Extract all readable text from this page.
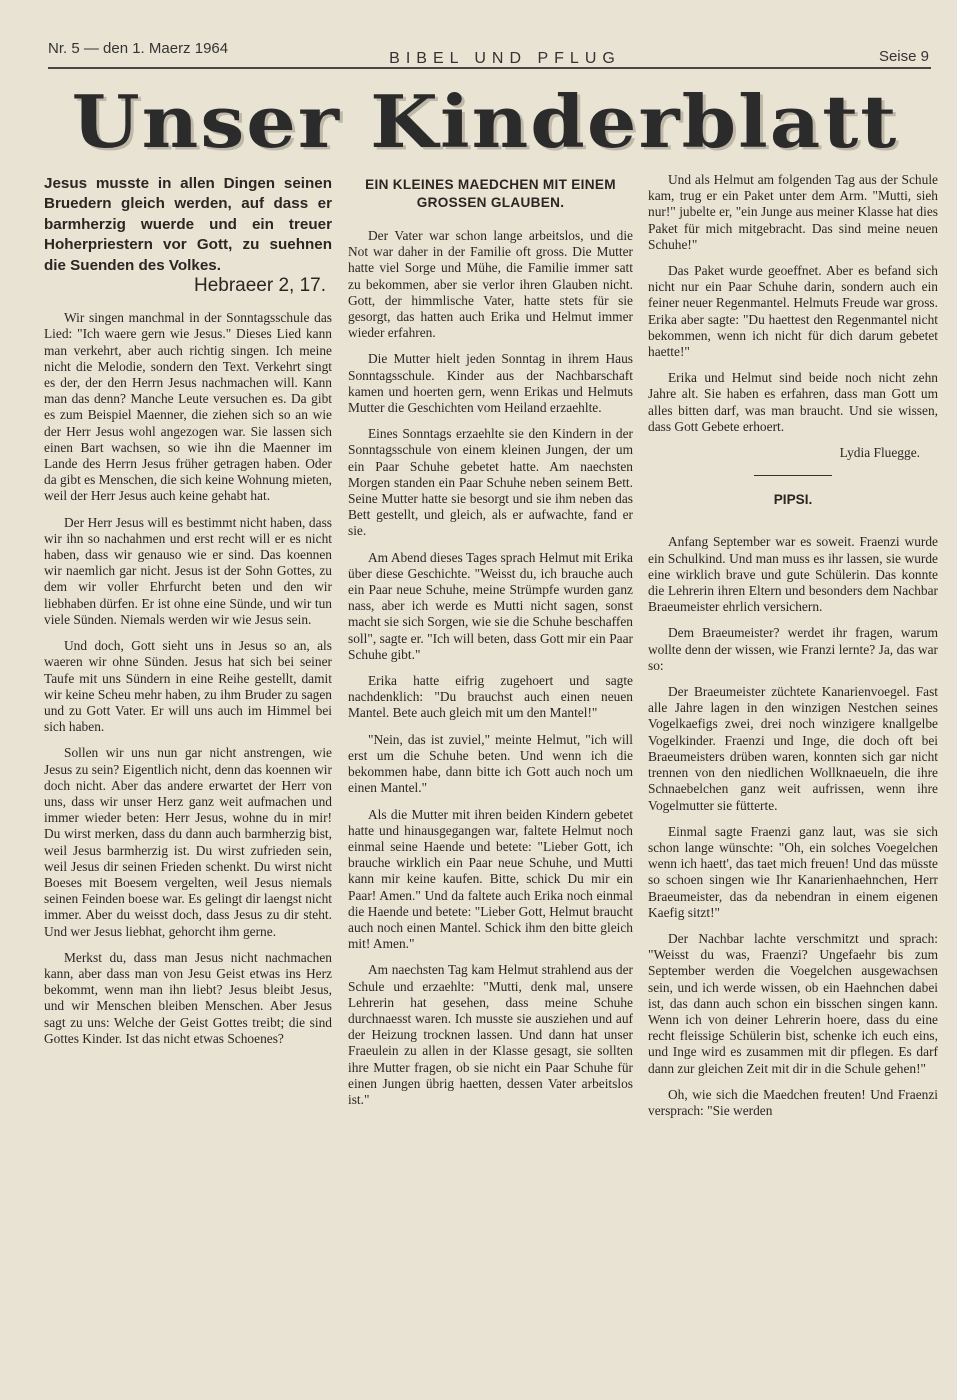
Nr. 5 — den 1. Maerz 1964
BIBEL UND PFLUG	Seise 9
Unser Kinderblatt
Jesus musste in allen Dingen seinen Bruedern gleich werden, auf dass er barmherzig wuerde und ein treuer Hoherpriestern vor Gott, zu suehnen die Suenden des Volkes.
Hebraeer 2, 17.

Wir singen manchmal in der Sonntagsschule das Lied: "Ich waere gern wie Jesus." Dieses Lied kann man verkehrt, aber auch richtig singen. Ich meine nicht die Melodie, sondern den Text. Verkehrt singt es der, der den Herrn Jesus nachmachen will. Kann man das denn? Manche Leute versuchen es. Da gibt es zum Beispiel Maenner, die ziehen sich so an wie der Herr Jesus wohl angezogen war. Sie lassen sich einen Bart wachsen, so wie ihn die Maenner im Lande des Herrn Jesus früher getragen haben. Oder da gibt es Menschen, die sich keine Wohnung mieten, weil der Herr Jesus auch keine gehabt hat.

Der Herr Jesus will es bestimmt nicht haben, dass wir ihn so nachahmen und erst recht will er es nicht haben, dass wir genauso wie er sind. Das koennen wir naemlich gar nicht. Jesus ist der Sohn Gottes, zu dem wir voller Ehrfurcht beten und den wir liebhaben dürfen. Er ist ohne eine Sünde, und wir tun viele Sünden. Niemals werden wir wie Jesus sein.

Und doch, Gott sieht uns in Jesus so an, als waeren wir ohne Sünden. Jesus hat sich bei seiner Taufe mit uns Sündern in eine Reihe gestellt, damit wir keine Scheu mehr haben, zu ihm Bruder zu sagen und zu Gott Vater. Er will uns auch im Himmel bei sich haben.

Sollen wir uns nun gar nicht anstrengen, wie Jesus zu sein? Eigentlich nicht, denn das koennen wir doch nicht. Aber das andere erwartet der Herr von uns, dass wir unser Herz ganz weit aufmachen und immer wieder beten: Herr Jesus, wohne du in mir! Du wirst merken, dass du dann auch barmherzig bist, weil Jesus barmherzig ist. Du wirst zufrieden sein, weil Jesus dir seinen Frieden schenkt. Du wirst nicht Boeses mit Boesem vergelten, weil Jesus niemals seinen Feinden boese war. Es gelingt dir laengst nicht immer. Aber du weisst doch, dass Jesus zu dir steht. Und wer Jesus liebhat, gehorcht ihm gerne.

Merkst du, dass man Jesus nicht nachmachen kann, aber dass man von Jesu Geist etwas ins Herz bekommt, wenn man ihn liebt? Jesus bleibt Jesus, und wir Menschen bleiben Menschen. Aber Jesus sagt zu uns: Welche der Geist Gottes treibt; die sind Gottes Kinder. Ist das nicht etwas Schoenes?

EIN KLEINES MAEDCHEN MIT EINEM GROSSEN GLAUBEN.

Der Vater war schon lange arbeitslos, und die Not war daher in der Familie oft gross. Die Mutter hatte viel Sorge und Mühe, die Familie immer satt zu bekommen, aber sie verlor ihren Glauben nicht. Gott, der himmlische Vater, hatte stets für sie gesorgt, das hatten auch Erika und Helmut immer wieder erfahren.

Die Mutter hielt jeden Sonntag in ihrem Haus Sonntagsschule. Kinder aus der Nachbarschaft kamen und hoerten gern, wenn Erikas und Helmuts Mutter die Geschichten vom Heiland erzaehlte.

Eines Sonntags erzaehlte sie den Kindern in der Sonntagsschule von einem kleinen Jungen, der um ein Paar Schuhe gebetet hatte. Am naechsten Morgen standen ein Paar Schuhe neben seinem Bett. Seine Mutter hatte sie besorgt und sie ihm neben das Bett gestellt, und gleich, als er aufwachte, fand er sie.

Am Abend dieses Tages sprach Helmut mit Erika über diese Geschichte. "Weisst du, ich brauche auch ein Paar neue Schuhe, meine Strümpfe wurden ganz nass, aber ich werde es Mutti nicht sagen, sonst macht sie sich Sorgen, wie sie die Schuhe beschaffen soll", sagte er. "Ich will beten, dass Gott mir ein Paar Schuhe gibt."

Erika hatte eifrig zugehoert und sagte nachdenklich: "Du brauchst auch einen neuen Mantel. Bete auch gleich mit um den Mantel!"

"Nein, das ist zuviel," meinte Helmut, "ich will erst um die Schuhe beten. Und wenn ich die bekommen habe, dann bitte ich Gott auch noch um einen Mantel."

Als die Mutter mit ihren beiden Kindern gebetet hatte und hinausgegangen war, faltete Helmut noch einmal seine Haende und betete: "Lieber Gott, ich brauche wirklich ein Paar neue Schuhe, und Mutti kann mir keine kaufen. Bitte, schick Du mir ein Paar! Amen." Und da faltete auch Erika noch einmal die Haende und betete: "Lieber Gott, Helmut braucht auch noch einen Mantel. Schick ihm den bitte gleich mit! Amen."

Am naechsten Tag kam Helmut strahlend aus der Schule und erzaehlte: "Mutti, denk mal, unsere Lehrerin hat gesehen, dass meine Schuhe durchnaesst waren. Ich musste sie ausziehen und auf der Heizung trocknen lassen. Und dann hat unser Fraeulein zu allen in der Klasse gesagt, sie sollten ihre Mutter fragen, ob sie nicht ein Paar Schuhe für einen Jungen übrig haetten, dessen Vater arbeitslos ist."

Und als Helmut am folgenden Tag aus der Schule kam, trug er ein Paket unter dem Arm. "Mutti, sieh nur!" jubelte er, "ein Junge aus meiner Klasse hat dies Paket für mich mitgebracht. Das sind meine neuen Schuhe!"

Das Paket wurde geoeffnet. Aber es befand sich nicht nur ein Paar Schuhe darin, sondern auch ein feiner neuer Regenmantel. Helmuts Freude war gross. Erika aber sagte: "Du haettest den Regenmantel nicht bekommen, wenn ich nicht für dich darum gebetet haette!"

Erika und Helmut sind beide noch nicht zehn Jahre alt. Sie haben es erfahren, dass man Gott um alles bitten darf, was man braucht. Und sie wissen, dass Gott Gebete erhoert.

Lydia Fluegge.
PIPSI.

Anfang September war es soweit. Fraenzi wurde ein Schulkind. Und man muss es ihr lassen, sie wurde eine wirklich brave und gute Schülerin. Das konnte die Lehrerin ihren Eltern und besonders dem Nachbar Braeumeister ehrlich versichern.

Dem Braeumeister? werdet ihr fragen, warum wollte denn der wissen, wie Franzi lernte? Ja, das war so:

Der Braeumeister züchtete Kanarienvoegel. Fast alle Jahre lagen in den winzigen Nestchen seines Vogelkaefigs zwei, drei noch winzigere knallgelbe Vogelkinder. Fraenzi und Inge, die doch oft bei Braeumeisters drüben waren, konnten sich gar nicht trennen von den niedlichen Wollknaeueln, die ihre Schnaebelchen ganz weit aufrissen, wenn ihre Vogelmutter sie fütterte.

Einmal sagte Fraenzi ganz laut, was sie sich schon lange wünschte: "Oh, ein solches Voegelchen wenn ich haett', das taet mich freuen! Und das müsste so schoen singen wie Ihr Kanarienhaehnchen, Herr Braeumeister, das da nebendran in einem eigenen Kaefig sitzt!"

Der Nachbar lachte verschmitzt und sprach: "Weisst du was, Fraenzi? Ungefaehr bis zum September werden die Voegelchen ausgewachsen sein, und ich werde wissen, ob ein Haehnchen dabei ist, das dann auch schon ein bisschen singen kann. Wenn ich von deiner Lehrerin hoere, dass du eine recht fleissige Schülerin bist, schenke ich euch eins, und Inge wird es zusammen mit dir pflegen. Es darf dann zur gleichen Zeit mit dir in die Schule gehen!"

Oh, wie sich die Maedchen freuten! Und Fraenzi versprach: "Sie werden
